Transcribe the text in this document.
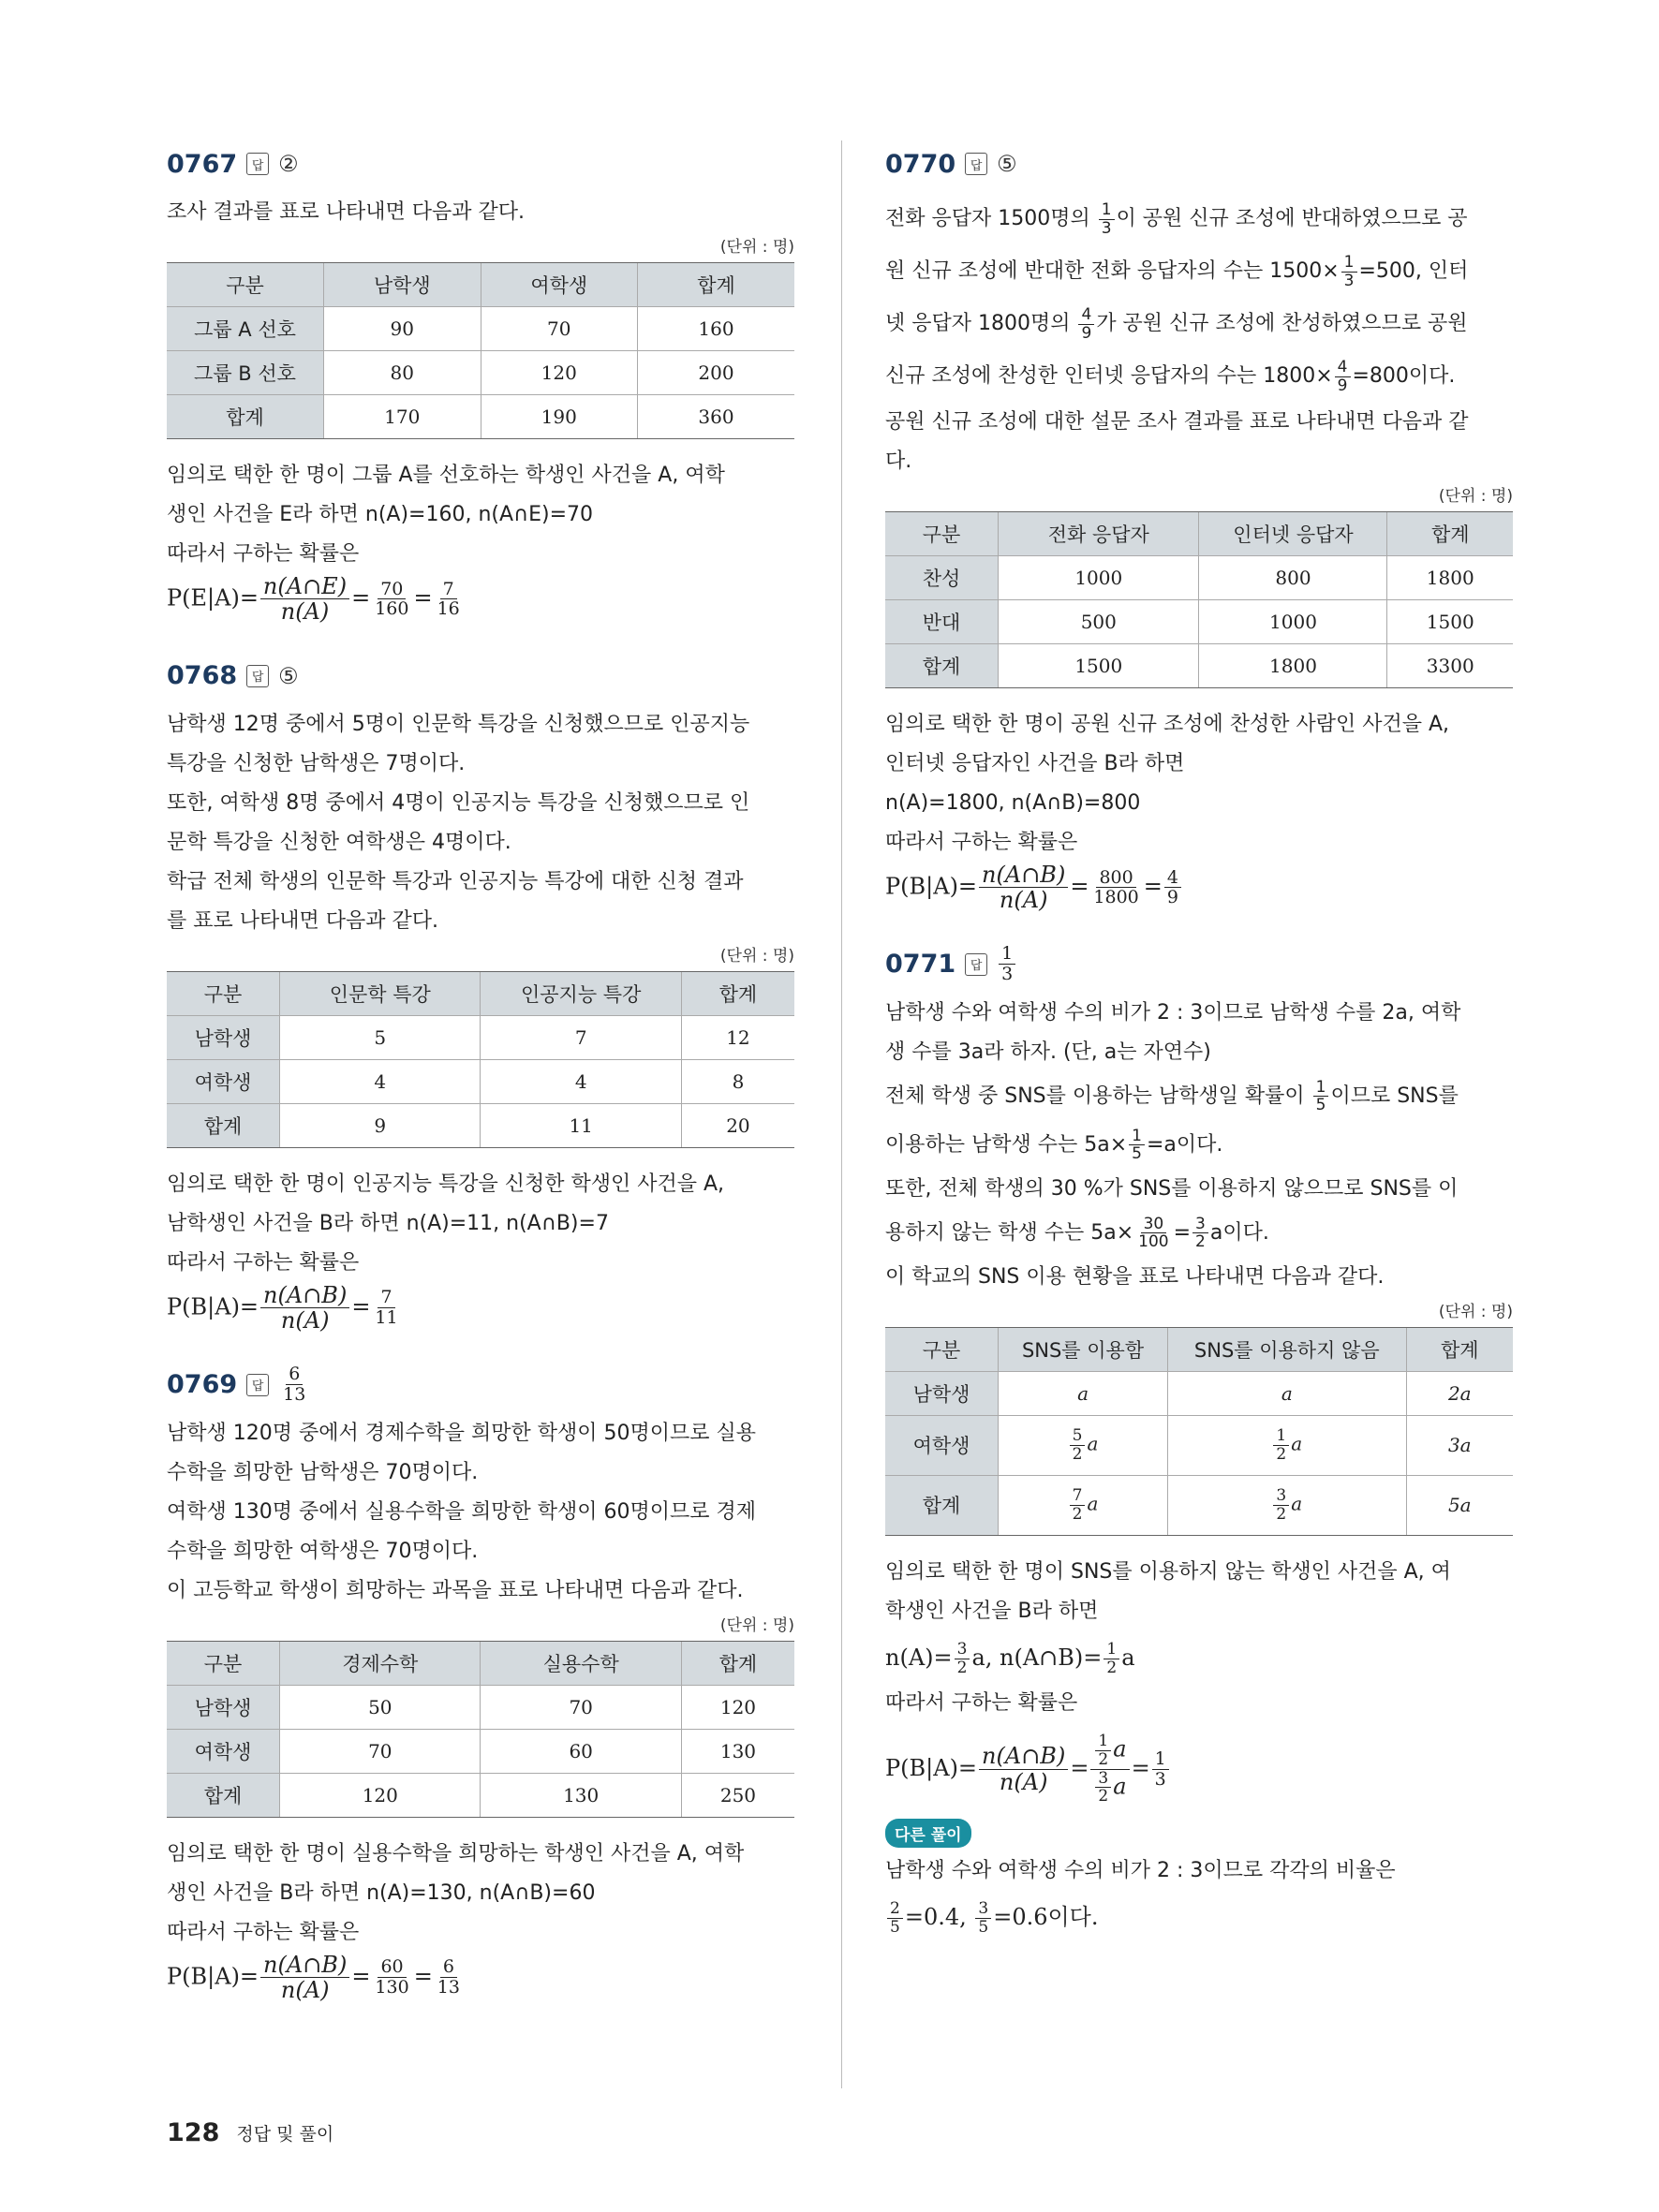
0767	답 ②

조사 결과를 표로 나타내면 다음과 같다.

(단위 : 명)
구분	남학생	여학생	합계
그룹 A 선호	90	70	160
그룹 B 선호	80	120	200
합계	170	190	360

임의로 택한 한 명이 그룹 A를 선호하는 학생인 사건을 A, 여학

생인 사건을 E라 하면 n(A)=160, n(A∩E)=70

따라서 구하는 확률은

$P(E|A)= \frac{n(A\cap E)}{n(A)} = \frac{70}{160} = \frac{7}{16}$
0768	답 ⑤

남학생 12명 중에서 5명이 인문학 특강을 신청했으므로 인공지능

특강을 신청한 남학생은 7명이다.

또한, 여학생 8명 중에서 4명이 인공지능 특강을 신청했으므로 인

문학 특강을 신청한 여학생은 4명이다.

학급 전체 학생의 인문학 특강과 인공지능 특강에 대한 신청 결과

를 표로 나타내면 다음과 같다.

(단위 : 명)
구분	인문학 특강	인공지능 특강	합계
남학생	5	7	12
여학생	4	4	8
합계	9	11	20

임의로 택한 한 명이 인공지능 특강을 신청한 학생인 사건을 A,

남학생인 사건을 B라 하면 n(A)=11, n(A∩B)=7

따라서 구하는 확률은

$P(B|A)= \frac{n(A\cap B)}{n(A)} = \frac{7}{11}$
0769	답 $\frac{6}{13}$

남학생 120명 중에서 경제수학을 희망한 학생이 50명이므로 실용

수학을 희망한 남학생은 70명이다.

여학생 130명 중에서 실용수학을 희망한 학생이 60명이므로 경제

수학을 희망한 여학생은 70명이다.

이 고등학교 학생이 희망하는 과목을 표로 나타내면 다음과 같다.

(단위 : 명)
구분	경제수학	실용수학	합계
남학생	50	70	120
여학생	70	60	130
합계	120	130	250

임의로 택한 한 명이 실용수학을 희망하는 학생인 사건을 A, 여학

생인 사건을 B라 하면 n(A)=130, n(A∩B)=60

따라서 구하는 확률은

$P(B|A)= \frac{n(A\cap B)}{n(A)} = \frac{60}{130} = \frac{6}{13}$
0770	답 ⑤
전화 응답자 1500명의 $\frac{1}{3}$ 이 공원 신규 조성에 반대하였으므로 공
원 신규 조성에 반대한 전화 응답자의 수는 $1500\times \frac{1}{3} =500$, 인터
넷 응답자 1800명의 $\frac{4}{9}$ 가 공원 신규 조성에 찬성하였으므로 공원
신규 조성에 찬성한 인터넷 응답자의 수는 $1800\times \frac{4}{9} =800$이다.

공원 신규 조성에 대한 설문 조사 결과를 표로 나타내면 다음과 같

다.

(단위 : 명)
구분	전화 응답자	인터넷 응답자	합계
찬성	1000	800	1800
반대	500	1000	1500
합계	1500	1800	3300

임의로 택한 한 명이 공원 신규 조성에 찬성한 사람인 사건을 A,

인터넷 응답자인 사건을 B라 하면

n(A)=1800, n(A∩B)=800

따라서 구하는 확률은

$P(B|A)= \frac{n(A\cap B)}{n(A)} = \frac{800}{1800} = \frac{4}{9}$
0771	답 $\frac{1}{3}$

남학생 수와 여학생 수의 비가 2 : 3이므로 남학생 수를 2a, 여학

생 수를 3a라 하자. (단, a는 자연수)

전체 학생 중 SNS를 이용하는 남학생일 확률이 $\frac{1}{5}$ 이므로 SNS를
이용하는 남학생 수는 $5a\times \frac{1}{5} =a$이다.

또한, 전체 학생의 30 %가 SNS를 이용하지 않으므로 SNS를 이

용하지 않는 학생 수는 $5a\times \frac{30}{100} = \frac{3}{2}$ a이다.

이 학교의 SNS 이용 현황을 표로 나타내면 다음과 같다.

(단위 : 명)
구분	SNS를 이용함	SNS를 이용하지 않음	합계
남학생	a	a	2a
여학생	$\frac{5}{2}$ a	$\frac{1}{2}$ a	3a
합계	$\frac{7}{2}$ a	$\frac{3}{2}$ a	5a

임의로 택한 한 명이 SNS를 이용하지 않는 학생인 사건을 A, 여

학생인 사건을 B라 하면

$n(A)= \frac{3}{2} a$, n(A∩B)= $\frac{1}{2}$ a

따라서 구하는 확률은

$P(B|A)= \frac{n(A\cap B)}{n(A)} = \frac{\frac{1}{2} a}{\frac{3}{2} a} = \frac{1}{3}$
다른 풀이

남학생 수와 여학생 수의 비가 2 : 3이므로 각각의 비율은

$\frac{2}{5} =0.4$, $\frac{3}{5} =0.6$이다.
128 정답 및 풀이
